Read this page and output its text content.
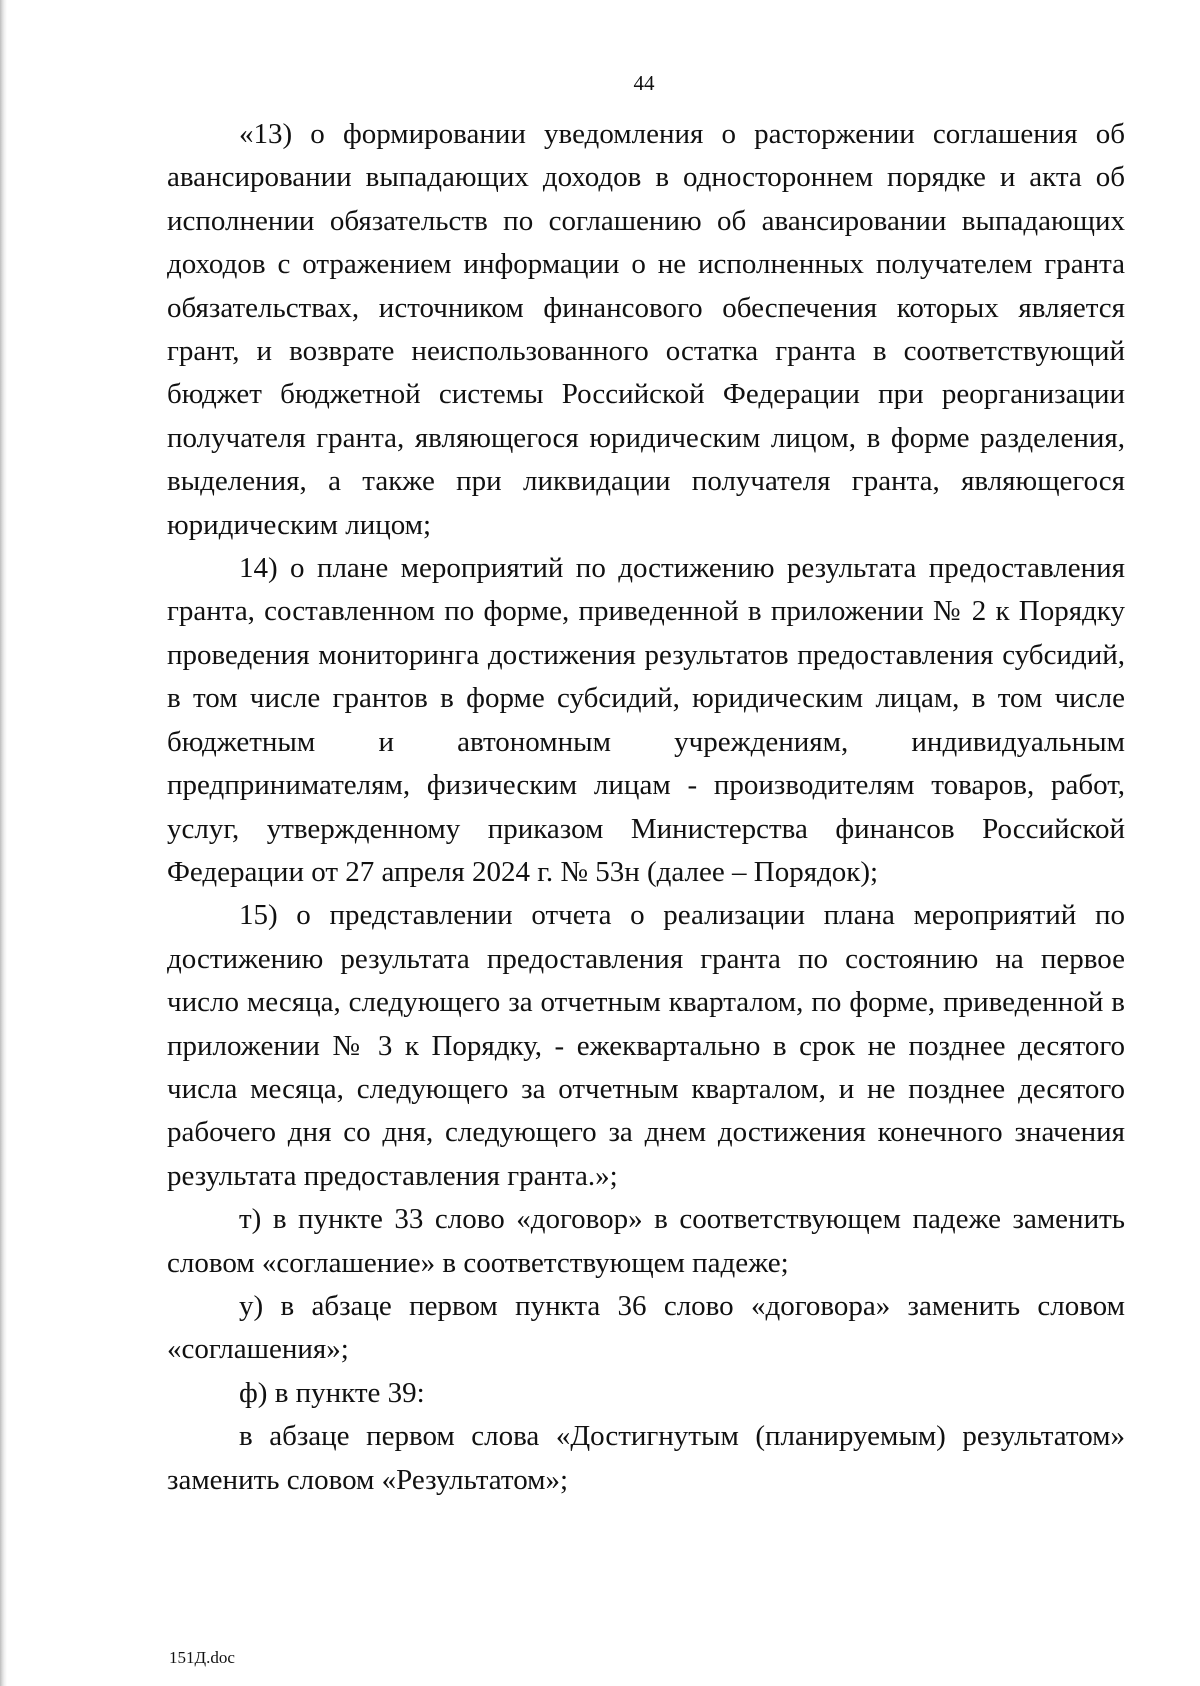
44

«13) о формировании уведомления о расторжении соглашения об авансировании выпадающих доходов в одностороннем порядке и акта об исполнении обязательств по соглашению об авансировании выпадающих доходов с отражением информации о не исполненных получателем гранта обязательствах, источником финансового обеспечения которых является грант, и возврате неиспользованного остатка гранта в соответствующий бюджет бюджетной системы Российской Федерации при реорганизации получателя гранта, являющегося юридическим лицом, в форме разделения, выделения, а также при ликвидации получателя гранта, являющегося юридическим лицом;

14) о плане мероприятий по достижению результата предоставления гранта, составленном по форме, приведенной в приложении № 2 к Порядку проведения мониторинга достижения результатов предоставления субсидий, в том числе грантов в форме субсидий, юридическим лицам, в том числе бюджетным и автономным учреждениям, индивидуальным предпринимателям, физическим лицам - производителям товаров, работ, услуг, утвержденному приказом Министерства финансов Российской Федерации от 27 апреля 2024 г. № 53н (далее – Порядок);

15) о представлении отчета о реализации плана мероприятий по достижению результата предоставления гранта по состоянию на первое число месяца, следующего за отчетным кварталом, по форме, приведенной в приложении № 3 к Порядку, - ежеквартально в срок не позднее десятого числа месяца, следующего за отчетным кварталом, и не позднее десятого рабочего дня со дня, следующего за днем достижения конечного значения результата предоставления гранта.»;

т) в пункте 33 слово «договор» в соответствующем падеже заменить словом «соглашение» в соответствующем падеже;

у) в абзаце первом пункта 36 слово «договора» заменить словом «соглашения»;

ф) в пункте 39:

в абзаце первом слова «Достигнутым (планируемым) результатом» заменить словом «Результатом»;

151Д.doc
